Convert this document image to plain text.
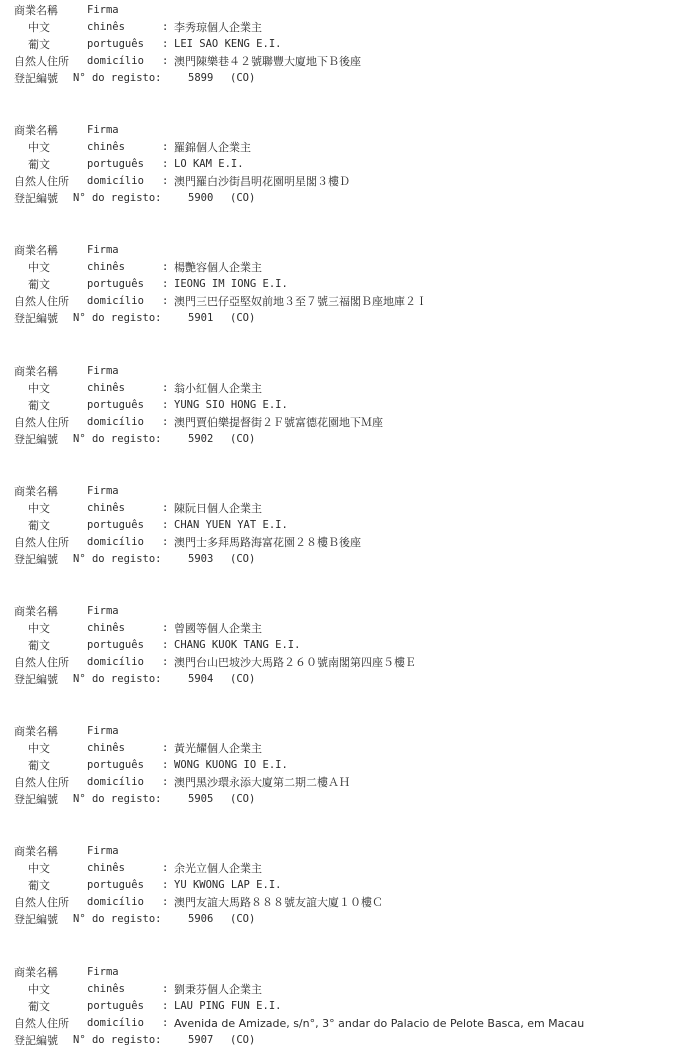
商業名稱	Firma
中文	chinês	: 李秀琼個人企業主
葡文	português : LEI SAO KENG E.I.
自然人住所 domicílio : 澳門陳樂巷４２號聯豐大廈地下Ｂ後座
登記編號 N° do registo:	5899 (CO)
商業名稱	Firma
中文	chinês	: 羅錦個人企業主
葡文	português : LO KAM E.I.
自然人住所 domicílio : 澳門羅白沙街昌明花園明星閣３樓Ｄ
登記編號 N° do registo:	5900 (CO)
商業名稱	Firma
中文	chinês	: 楊艷容個人企業主
葡文	português : IEONG IM IONG E.I.
自然人住所 domicílio : 澳門三巴仔亞堅奴前地３至７號三福閣Ｂ座地庫２Ｉ
登記編號 N° do registo:	5901 (CO)
商業名稱	Firma
中文	chinês	: 翁小紅個人企業主
葡文	português : YUNG SIO HONG E.I.
自然人住所 domicílio : 澳門賈伯樂提督街２Ｆ號富德花園地下Ｍ座
登記編號 N° do registo:	5902 (CO)
商業名稱	Firma
中文	chinês	: 陳阮日個人企業主
葡文	português : CHAN YUEN YAT E.I.
自然人住所 domicílio : 澳門士多拜馬路海富花園２８樓Ｂ後座
登記編號 N° do registo:	5903 (CO)
商業名稱	Firma
中文	chinês	: 曾國等個人企業主
葡文	português : CHANG KUOK TANG E.I.
自然人住所 domicílio : 澳門台山巴坡沙大馬路２６０號南閣第四座５樓Ｅ
登記編號 N° do registo:	5904 (CO)
商業名稱	Firma
中文	chinês	: 黃光耀個人企業主
葡文	português : WONG KUONG IO E.I.
自然人住所 domicílio : 澳門黑沙環永添大廈第二期二樓ＡＨ
登記編號 N° do registo:	5905 (CO)
商業名稱	Firma
中文	chinês	: 余光立個人企業主
葡文	português : YU KWONG LAP E.I.
自然人住所 domicílio : 澳門友誼大馬路８８８號友誼大廈１０樓Ｃ
登記編號 N° do registo:	5906 (CO)
商業名稱	Firma
中文	chinês	: 劉秉芬個人企業主
葡文	português : LAU PING FUN E.I.
自然人住所 domicílio : Avenida de Amizade, s/n°, 3° andar do Palacio de Pelote Basca, em Macau
登記編號 N° do registo:	5907 (CO)
